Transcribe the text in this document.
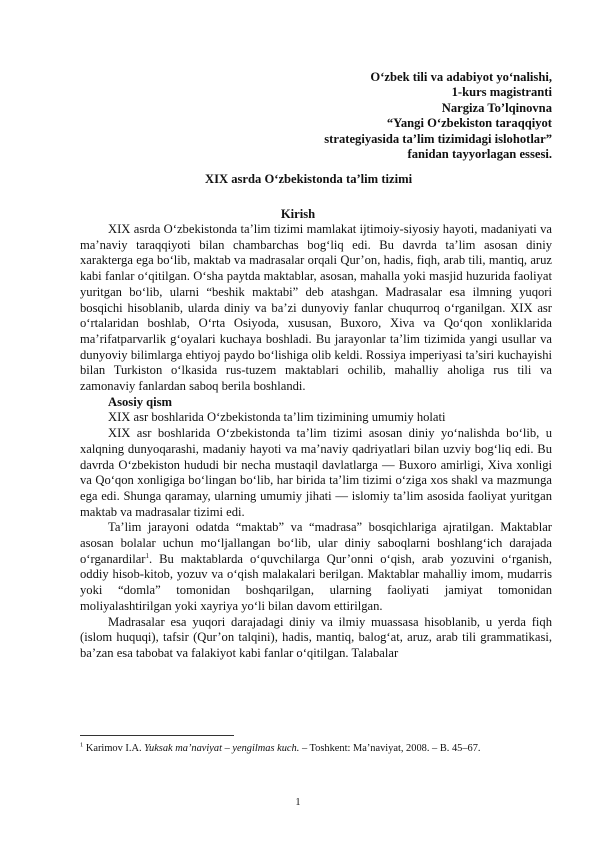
O‘zbek tili va adabiyot yo‘nalishi,
1-kurs magistranti
Nargiza To’lqinovna
“Yangi O‘zbekiston taraqqiyot
strategiyasida ta’lim tizimidagi islohotlar”
fanidan tayyorlagan essesi.
XIX asrda O‘zbekistonda ta’lim tizimi
Kirish

XIX asrda O‘zbekistonda ta’lim tizimi mamlakat ijtimoiy-siyosiy hayoti, madaniyati va ma’naviy taraqqiyoti bilan chambarchas bog‘liq edi. Bu davrda ta’lim asosan diniy xarakterga ega bo‘lib, maktab va madrasalar orqali Qur’on, hadis, fiqh, arab tili, mantiq, aruz kabi fanlar o‘qitilgan. O‘sha paytda maktablar, asosan, mahalla yoki masjid huzurida faoliyat yuritgan bo‘lib, ularni “beshik maktabi” deb atashgan. Madrasalar esa ilmning yuqori bosqichi hisoblanib, ularda diniy va ba’zi dunyoviy fanlar chuqurroq o‘rganilgan. XIX asr o‘rtalaridan boshlab, O‘rta Osiyoda, xususan, Buxoro, Xiva va Qo‘qon xonliklarida ma’rifatparvarlik g‘oyalari kuchaya boshladi. Bu jarayonlar ta’lim tizimida yangi usullar va dunyoviy bilimlarga ehtiyoj paydo bo‘lishiga olib keldi. Rossiya imperiyasi ta’siri kuchayishi bilan Turkiston o‘lkasida rus-tuzem maktablari ochilib, mahalliy aholiga rus tili va zamonaviy fanlardan saboq berila boshlandi.

Asosiy qism

XIX asr boshlarida O‘zbekistonda ta’lim tizimining umumiy holati

XIX asr boshlarida O‘zbekistonda ta’lim tizimi asosan diniy yo‘nalishda bo‘lib, u xalqning dunyoqarashi, madaniy hayoti va ma’naviy qadriyatlari bilan uzviy bog‘liq edi. Bu davrda O‘zbekiston hududi bir necha mustaqil davlatlarga — Buxoro amirligi, Xiva xonligi va Qo‘qon xonligiga bo‘lingan bo‘lib, har birida ta’lim tizimi o‘ziga xos shakl va mazmunga ega edi. Shunga qaramay, ularning umumiy jihati — islomiy ta’lim asosida faoliyat yuritgan maktab va madrasalar tizimi edi.

Ta’lim jarayoni odatda “maktab” va “madrasa” bosqichlariga ajratilgan. Maktablar asosan bolalar uchun mo‘ljallangan bo‘lib, ular diniy saboqlarni boshlang‘ich darajada o‘rganardilar$^1$. Bu maktablarda o‘quvchilarga Qur’onni o‘qish, arab yozuvini o‘rganish, oddiy hisob-kitob, yozuv va o‘qish malakalari berilgan. Maktablar mahalliy imom, mudarris yoki “domla” tomonidan boshqarilgan, ularning faoliyati jamiyat tomonidan moliyalashtirilgan yoki xayriya yo‘li bilan davom ettirilgan.

Madrasalar esa yuqori darajadagi diniy va ilmiy muassasa hisoblanib, u yerda fiqh (islom huquqi), tafsir (Qur’on talqini), hadis, mantiq, balog‘at, aruz, arab tili grammatikasi, ba’zan esa tabobat va falakiyot kabi fanlar o‘qitilgan. Talabalar

$^1$ Karimov I.A. Yuksak ma’naviyat – yengilmas kuch. – Toshkent: Ma’naviyat, 2008. – B. 45–67.
1
